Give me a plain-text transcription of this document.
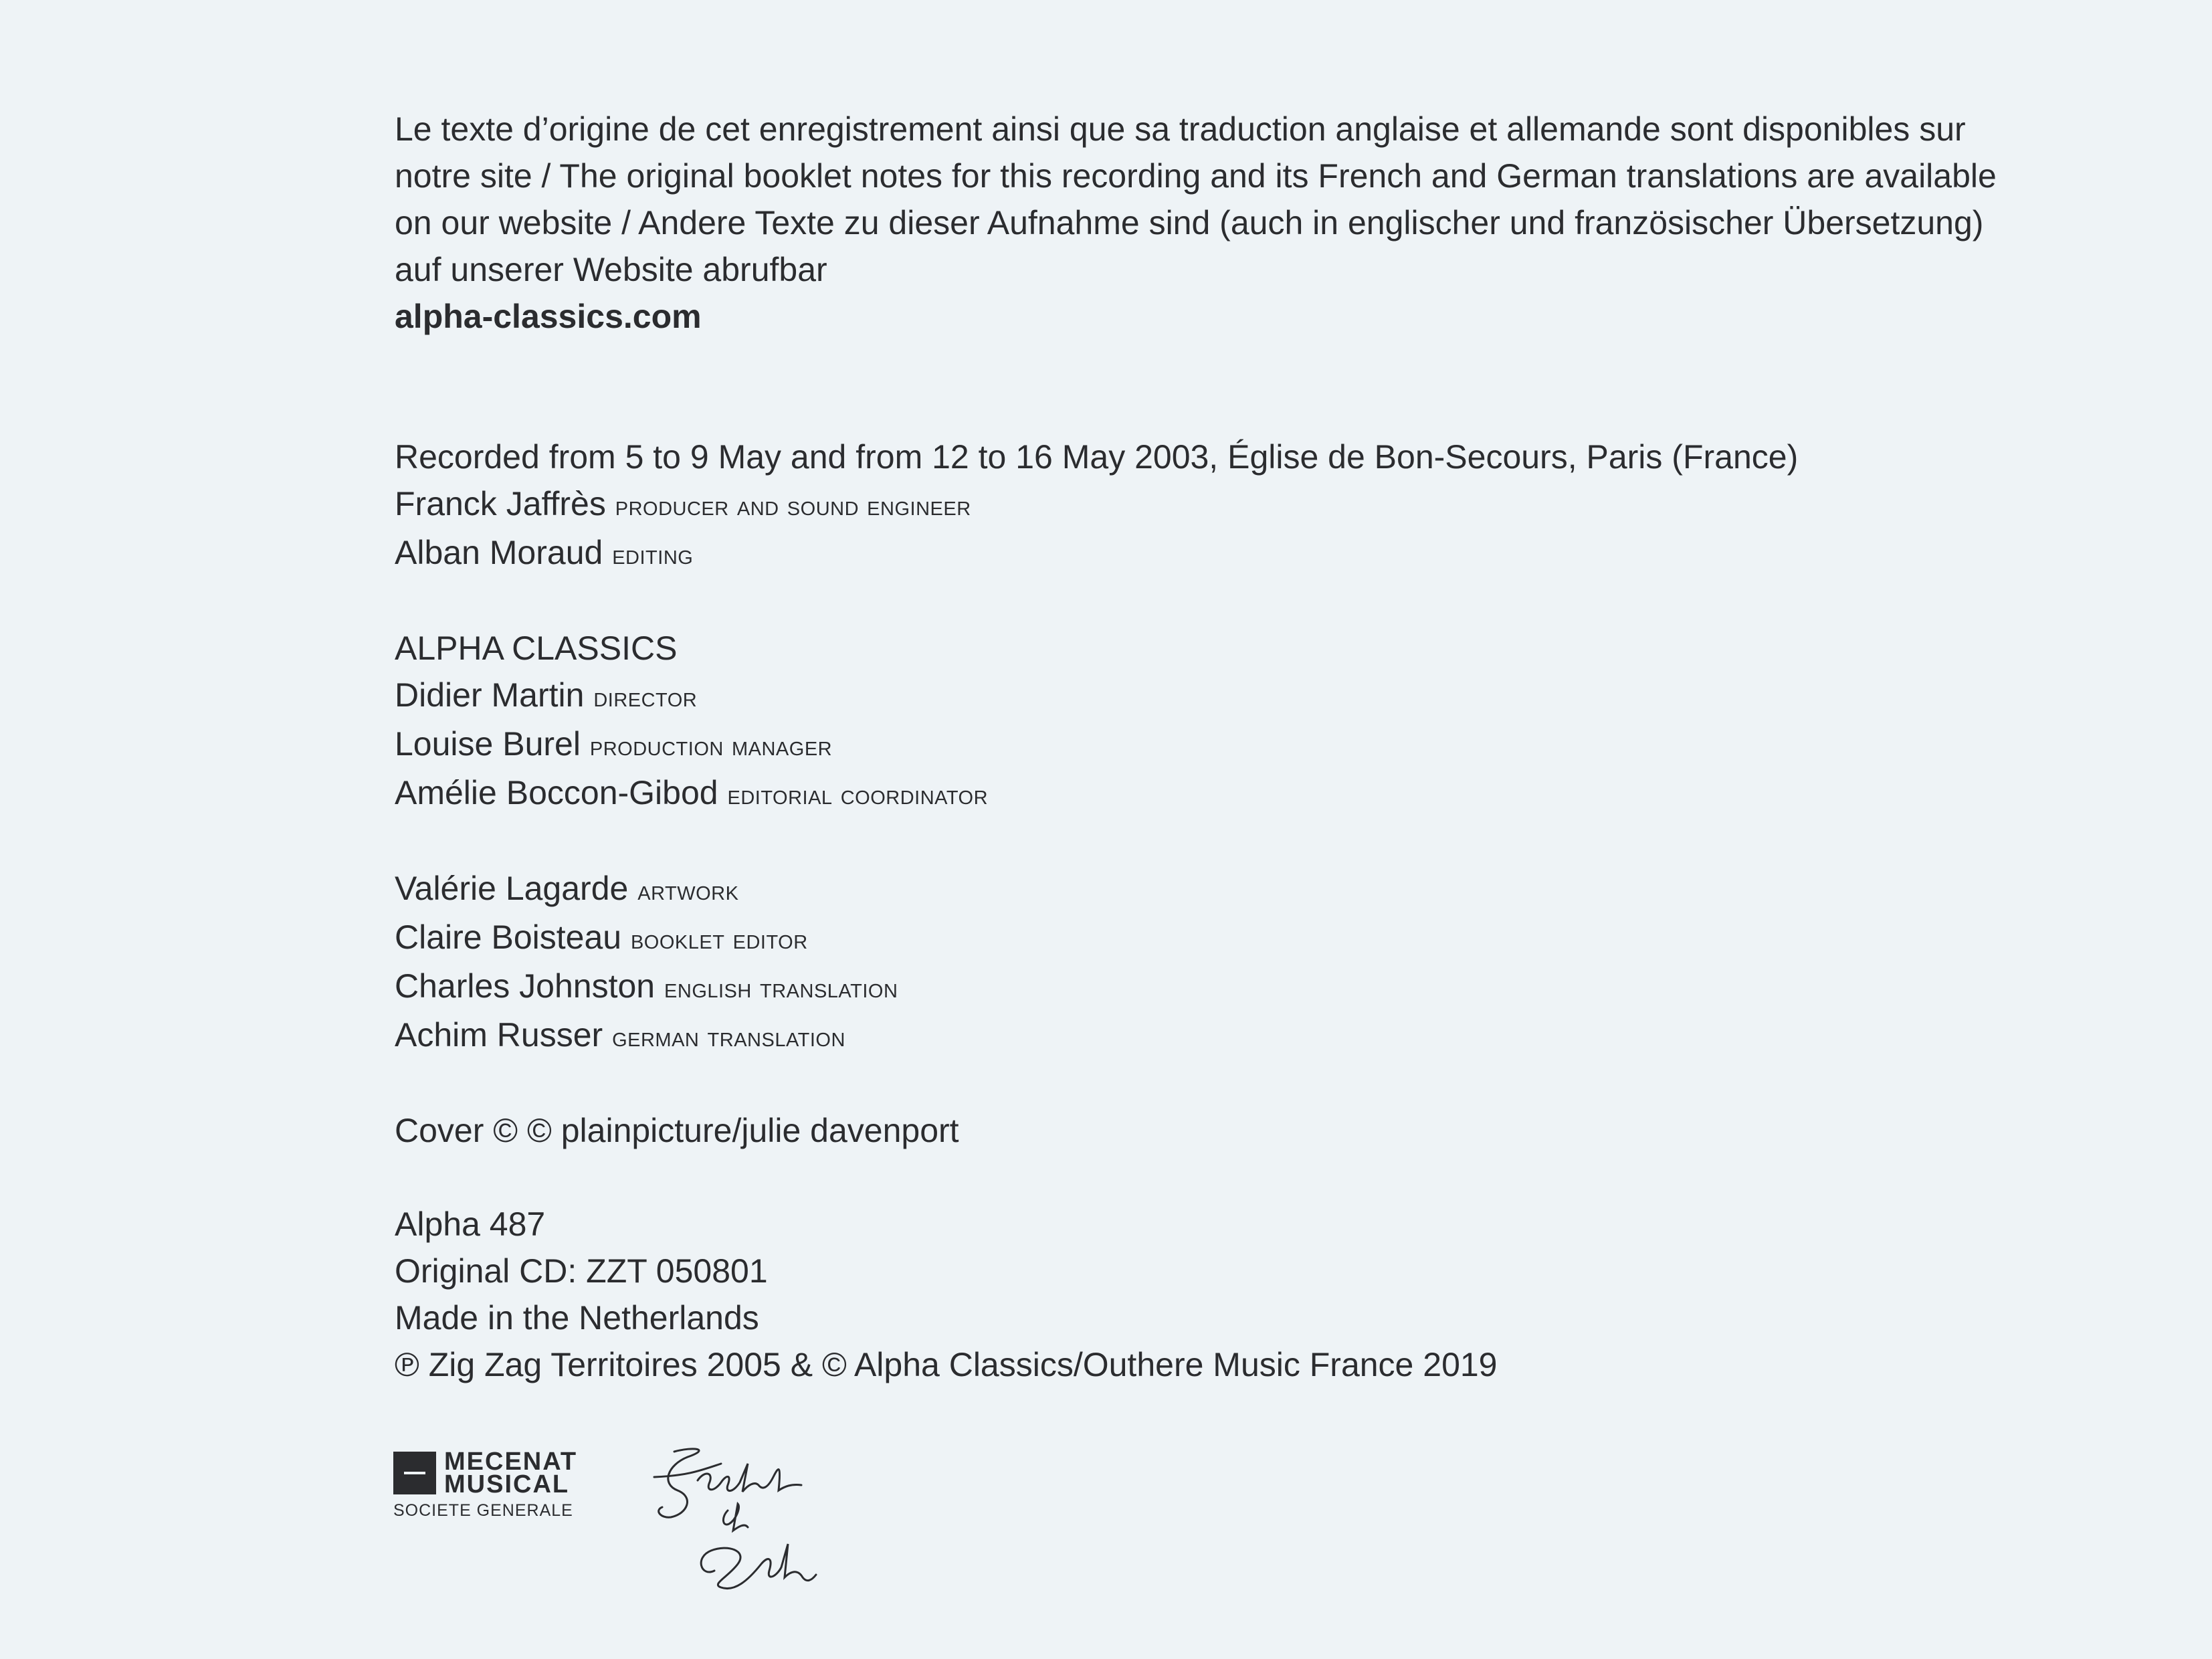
Le texte d’origine de cet enregistrement ainsi que sa traduction anglaise et allemande sont disponibles sur
notre site / The original booklet notes for this recording and its French and German translations are available
on our website / Andere Texte zu dieser Aufnahme sind (auch in englischer und französischer Übersetzung)
auf unserer Website abrufbar
alpha-classics.com
Recorded from 5 to 9 May and from 12 to 16 May 2003, Église de Bon-Secours, Paris (France)
Franck Jaffrès producer and sound engineer
Alban Moraud editing
ALPHA CLASSICS
Didier Martin director
Louise Burel production manager
Amélie Boccon-Gibod editorial coordinator
Valérie Lagarde artwork
Claire Boisteau booklet editor
Charles Johnston english translation
Achim Russer german translation
Cover © © plainpicture/julie davenport
Alpha 487
Original CD: ZZT 050801
Made in the Netherlands
℗ Zig Zag Territoires 2005 & © Alpha Classics/Outhere Music France 2019
MECENAT
MUSICAL
SOCIETE GENERALE
